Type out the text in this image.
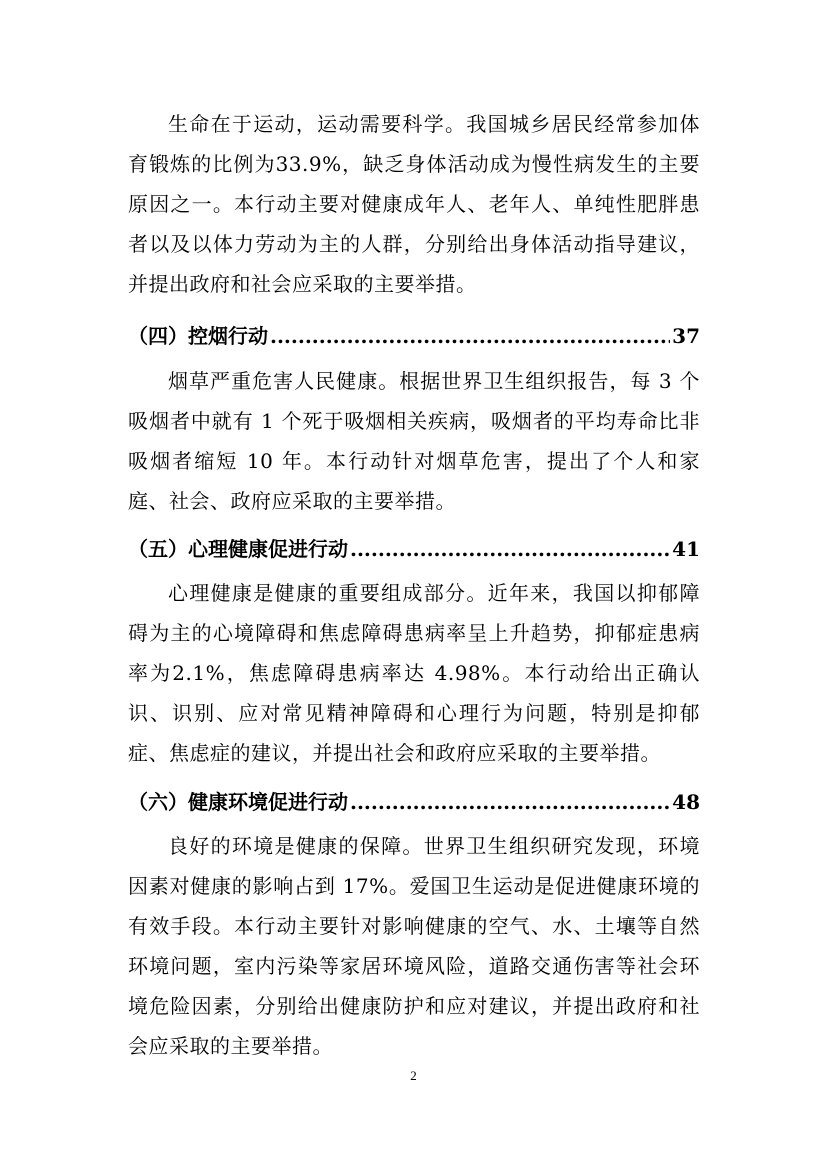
生命在于运动，运动需要科学。我国城乡居民经常参加体育锻炼的比例为33.9%，缺乏身体活动成为慢性病发生的主要原因之一。本行动主要对健康成年人、老年人、单纯性肥胖患者以及以体力劳动为主的人群，分别给出身体活动指导建议，并提出政府和社会应采取的主要举措。

（四）控烟行动 .....	37

烟草严重危害人民健康。根据世界卫生组织报告，每 3 个吸烟者中就有 1 个死于吸烟相关疾病，吸烟者的平均寿命比非吸烟者缩短 10 年。本行动针对烟草危害，提出了个人和家庭、社会、政府应采取的主要举措。

（五）心理健康促进行动 .....	41

心理健康是健康的重要组成部分。近年来，我国以抑郁障碍为主的心境障碍和焦虑障碍患病率呈上升趋势，抑郁症患病率为2.1%，焦虑障碍患病率达 4.98%。本行动给出正确认识、识别、应对常见精神障碍和心理行为问题，特别是抑郁症、焦虑症的建议，并提出社会和政府应采取的主要举措。

（六）健康环境促进行动 .....	48

良好的环境是健康的保障。世界卫生组织研究发现，环境因素对健康的影响占到 17%。爱国卫生运动是促进健康环境的有效手段。本行动主要针对影响健康的空气、水、土壤等自然环境问题，室内污染等家居环境风险，道路交通伤害等社会环境危险因素，分别给出健康防护和应对建议，并提出政府和社会应采取的主要举措。

2
